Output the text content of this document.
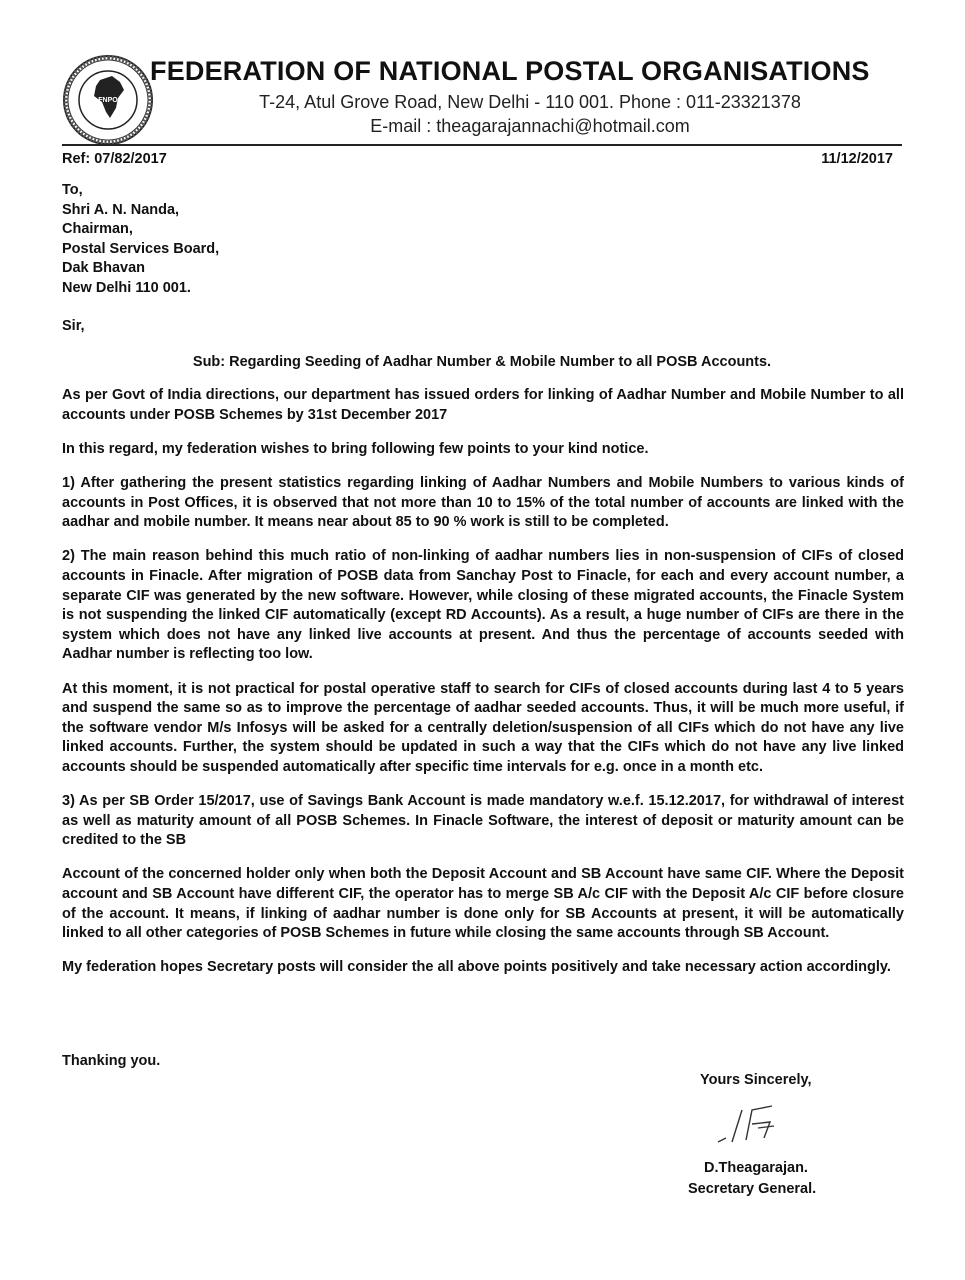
FNPO
FEDERATION OF NATIONAL POSTAL ORGANISATIONS
T-24, Atul Grove Road, New Delhi - 110 001. Phone : 011-23321378
E-mail : theagarajannachi@hotmail.com
Ref: 07/82/2017	11/12/2017
To,
Shri A. N. Nanda,
Chairman,
Postal Services Board,
Dak Bhavan
New Delhi 110 001.
Sir,
Sub: Regarding Seeding of Aadhar Number & Mobile Number to all POSB Accounts.

As per Govt of India directions, our department has issued orders for linking of Aadhar Number and Mobile Number to all accounts under POSB Schemes by 31st December 2017

In this regard, my federation wishes to bring following few points to your kind notice.

1) After gathering the present statistics regarding linking of Aadhar Numbers and Mobile Numbers to various kinds of accounts in Post Offices, it is observed that not more than 10 to 15% of the total number of accounts are linked with the aadhar and mobile number. It means near about 85 to 90 % work is still to be completed.

2) The main reason behind this much ratio of non-linking of aadhar numbers lies in non-suspension of CIFs of closed accounts in Finacle. After migration of POSB data from Sanchay Post to Finacle, for each and every account number, a separate CIF was generated by the new software. However, while closing of these migrated accounts, the Finacle System is not suspending the linked CIF automatically (except RD Accounts). As a result, a huge number of CIFs are there in the system which does not have any linked live accounts at present. And thus the percentage of accounts seeded with Aadhar number is reflecting too low.

At this moment, it is not practical for postal operative staff to search for CIFs of closed accounts during last 4 to 5 years and suspend the same so as to improve the percentage of aadhar seeded accounts. Thus, it will be much more useful, if the software vendor M/s Infosys will be asked for a centrally deletion/suspension of all CIFs which do not have any live linked accounts. Further, the system should be updated in such a way that the CIFs which do not have any live linked accounts should be suspended automatically after specific time intervals for e.g. once in a month etc.

3) As per SB Order 15/2017, use of Savings Bank Account is made mandatory w.e.f. 15.12.2017, for withdrawal of interest as well as maturity amount of all POSB Schemes. In Finacle Software, the interest of deposit or maturity amount can be credited to the SB

Account of the concerned holder only when both the Deposit Account and SB Account have same CIF. Where the Deposit account and SB Account have different CIF, the operator has to merge SB A/c CIF with the Deposit A/c CIF before closure of the account. It means, if linking of aadhar number is done only for SB Accounts at present, it will be automatically linked to all other categories of POSB Schemes in future while closing the same accounts through SB Account.

My federation hopes Secretary posts will consider the all above points positively and take necessary action accordingly.

Thanking you.
Yours Sincerely,
D.Theagarajan.
Secretary General.
